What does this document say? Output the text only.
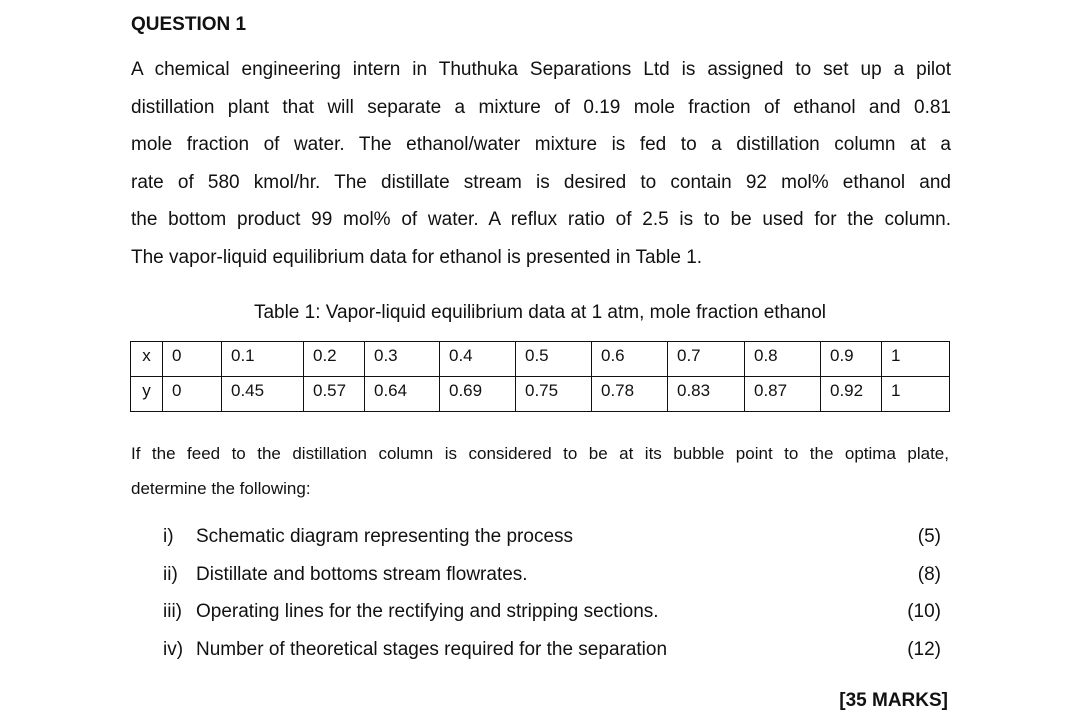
QUESTION 1
A chemical engineering intern in Thuthuka Separations Ltd is assigned to set up a pilot
distillation plant that will separate a mixture of 0.19 mole fraction of ethanol and 0.81
mole fraction of water. The ethanol/water mixture is fed to a distillation column at a
rate of 580 kmol/hr. The distillate stream is desired to contain 92 mol% ethanol and
the bottom product 99 mol% of water. A reflux ratio of 2.5 is to be used for the column.
The vapor-liquid equilibrium data for ethanol is presented in Table 1.
Table 1: Vapor-liquid equilibrium data at 1 atm, mole fraction ethanol
x	0	0.1	0.2	0.3	0.4	0.5	0.6	0.7	0.8	0.9	1
y	0	0.45	0.57	0.64	0.69	0.75	0.78	0.83	0.87	0.92	1
If the feed to the distillation column is considered to be at its bubble point to the optima plate,
determine the following:
i) Schematic diagram representing the process	(5)
ii) Distillate and bottoms stream flowrates.	(8)
iii) Operating lines for the rectifying and stripping sections.	(10)
iv) Number of theoretical stages required for the separation	(12)
[35 MARKS]
